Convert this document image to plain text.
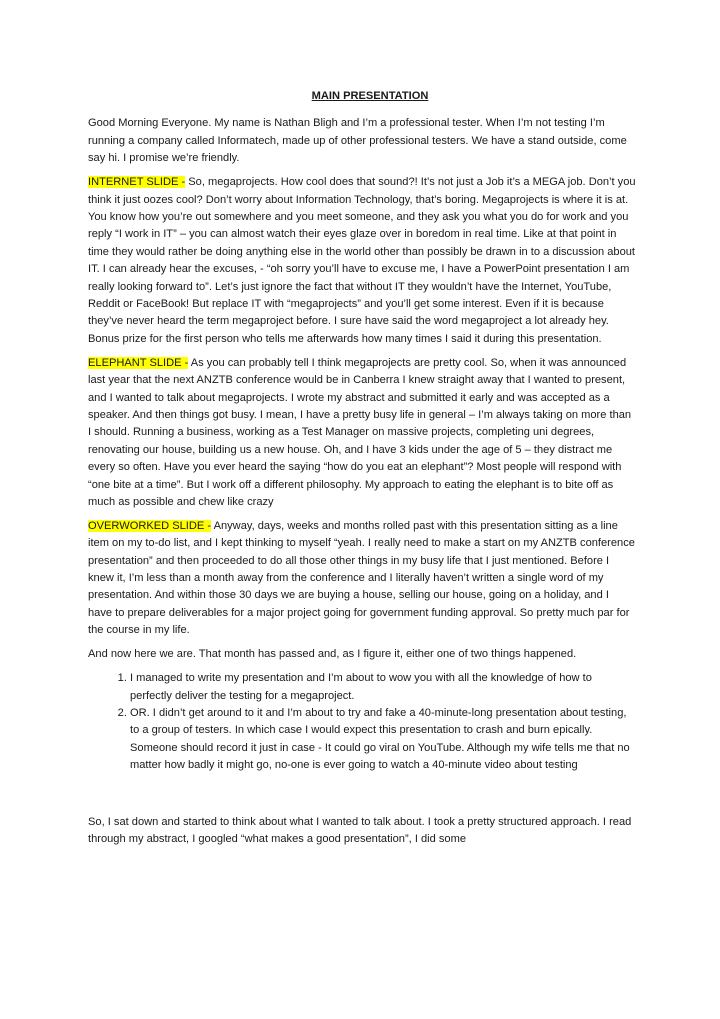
MAIN PRESENTATION

Good Morning Everyone. My name is Nathan Bligh and I’m a professional tester. When I’m not testing I’m running a company called Informatech, made up of other professional testers. We have a stand outside, come say hi. I promise we’re friendly.

INTERNET SLIDE - So, megaprojects. How cool does that sound?! It’s not just a Job it’s a MEGA job. Don’t you think it just oozes cool? Don’t worry about Information Technology, that’s boring. Megaprojects is where it is at. You know how you’re out somewhere and you meet someone, and they ask you what you do for work and you reply “I work in IT” – you can almost watch their eyes glaze over in boredom in real time. Like at that point in time they would rather be doing anything else in the world other than possibly be drawn in to a discussion about IT. I can already hear the excuses, - “oh sorry you’ll have to excuse me, I have a PowerPoint presentation I am really looking forward to”. Let’s just ignore the fact that without IT they wouldn’t have the Internet, YouTube, Reddit or FaceBook! But replace IT with “megaprojects” and you’ll get some interest. Even if it is because they’ve never heard the term megaproject before. I sure have said the word megaproject a lot already hey. Bonus prize for the first person who tells me afterwards how many times I said it during this presentation.

ELEPHANT SLIDE - As you can probably tell I think megaprojects are pretty cool. So, when it was announced last year that the next ANZTB conference would be in Canberra I knew straight away that I wanted to present, and I wanted to talk about megaprojects. I wrote my abstract and submitted it early and was accepted as a speaker. And then things got busy. I mean, I have a pretty busy life in general – I’m always taking on more than I should. Running a business, working as a Test Manager on massive projects, completing uni degrees, renovating our house, building us a new house. Oh, and I have 3 kids under the age of 5 – they distract me every so often. Have you ever heard the saying “how do you eat an elephant”? Most people will respond with “one bite at a time”. But I work off a different philosophy. My approach to eating the elephant is to bite off as much as possible and chew like crazy

OVERWORKED SLIDE - Anyway, days, weeks and months rolled past with this presentation sitting as a line item on my to-do list, and I kept thinking to myself “yeah. I really need to make a start on my ANZTB conference presentation” and then proceeded to do all those other things in my busy life that I just mentioned. Before I knew it, I’m less than a month away from the conference and I literally haven’t written a single word of my presentation. And within those 30 days we are buying a house, selling our house, going on a holiday, and I have to prepare deliverables for a major project going for government funding approval. So pretty much par for the course in my life.

And now here we are. That month has passed and, as I figure it, either one of two things happened.

1. I managed to write my presentation and I’m about to wow you with all the knowledge of how to perfectly deliver the testing for a megaproject.
2. OR. I didn’t get around to it and I’m about to try and fake a 40-minute-long presentation about testing, to a group of testers. In which case I would expect this presentation to crash and burn epically. Someone should record it just in case - It could go viral on YouTube. Although my wife tells me that no matter how badly it might go, no-one is ever going to watch a 40-minute video about testing

So, I sat down and started to think about what I wanted to talk about. I took a pretty structured approach. I read through my abstract, I googled “what makes a good presentation”, I did some
